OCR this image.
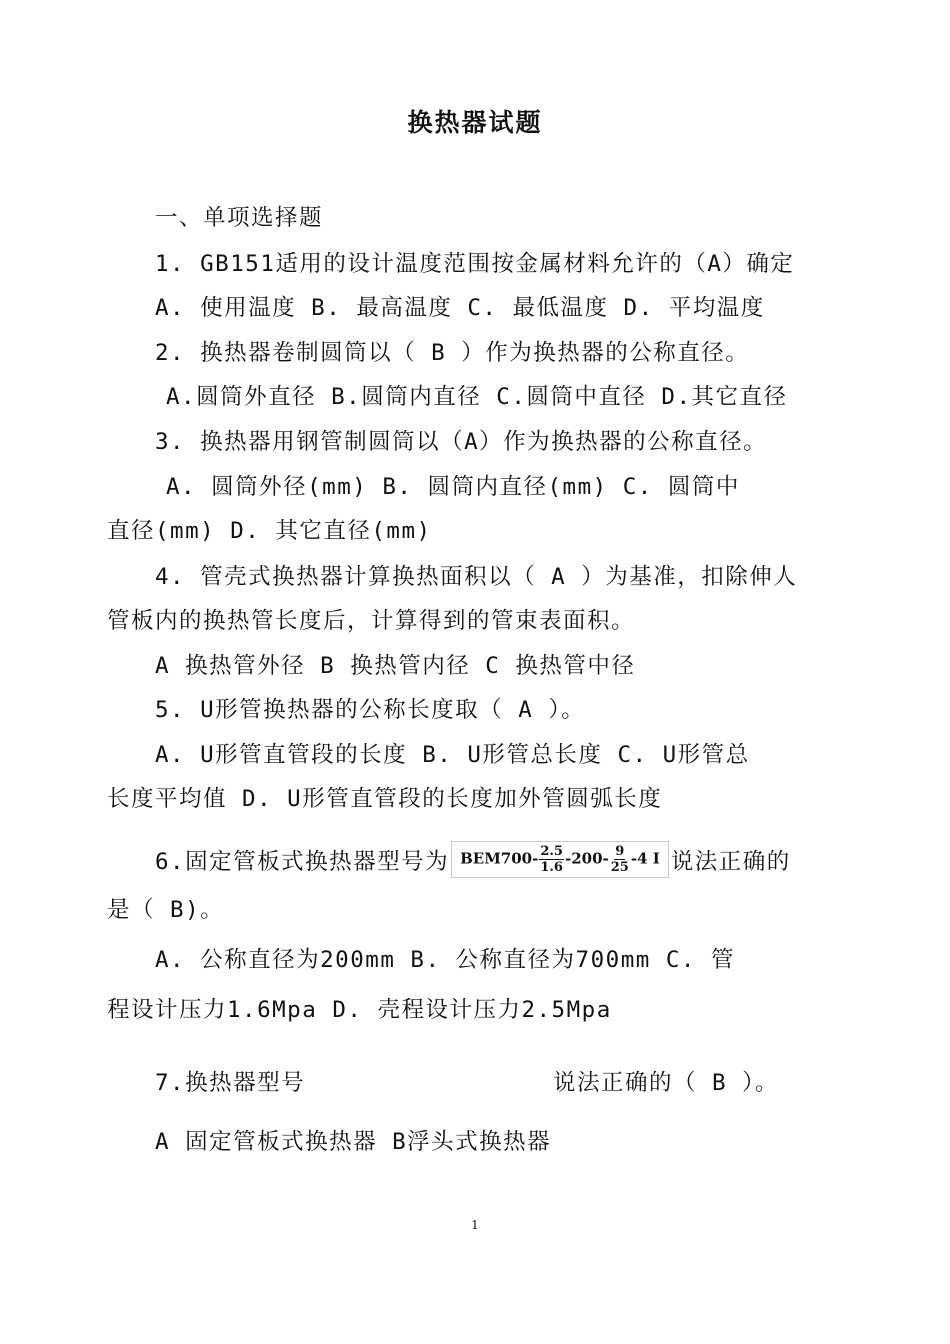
换热器试题

一、单项选择题

1. GB151适用的设计温度范围按金属材料允许的（A）确定

A. 使用温度 B. 最高温度 C. 最低温度 D. 平均温度

2. 换热器卷制圆筒以（ B ）作为换热器的公称直径。

A.圆筒外直径 B.圆筒内直径 C.圆筒中直径 D.其它直径

3. 换热器用钢管制圆筒以（A）作为换热器的公称直径。

A. 圆筒外径(mm) B. 圆筒内直径(mm) C. 圆筒中

直径(mm) D. 其它直径(mm)

4. 管壳式换热器计算换热面积以（ A ）为基准，扣除伸人

管板内的换热管长度后，计算得到的管束表面积。

A 换热管外径 B 换热管内径 C 换热管中径

5. U形管换热器的公称长度取（ A ）。

A. U形管直管段的长度 B. U形管总长度 C. U形管总

长度平均值 D. U形管直管段的长度加外管圆弧长度

6.固定管板式换热器型号为 $BEM700- \frac{2.5}{1.6} -200- \frac{9}{25} -4$ I 说法正确的

是（ B)。

A. 公称直径为200mm B. 公称直径为700mm C. 管

程设计压力1.6Mpa D. 壳程设计压力2.5Mpa

7.换热器型号	说法正确的（ B ）。

A 固定管板式换热器 B浮头式换热器

1
